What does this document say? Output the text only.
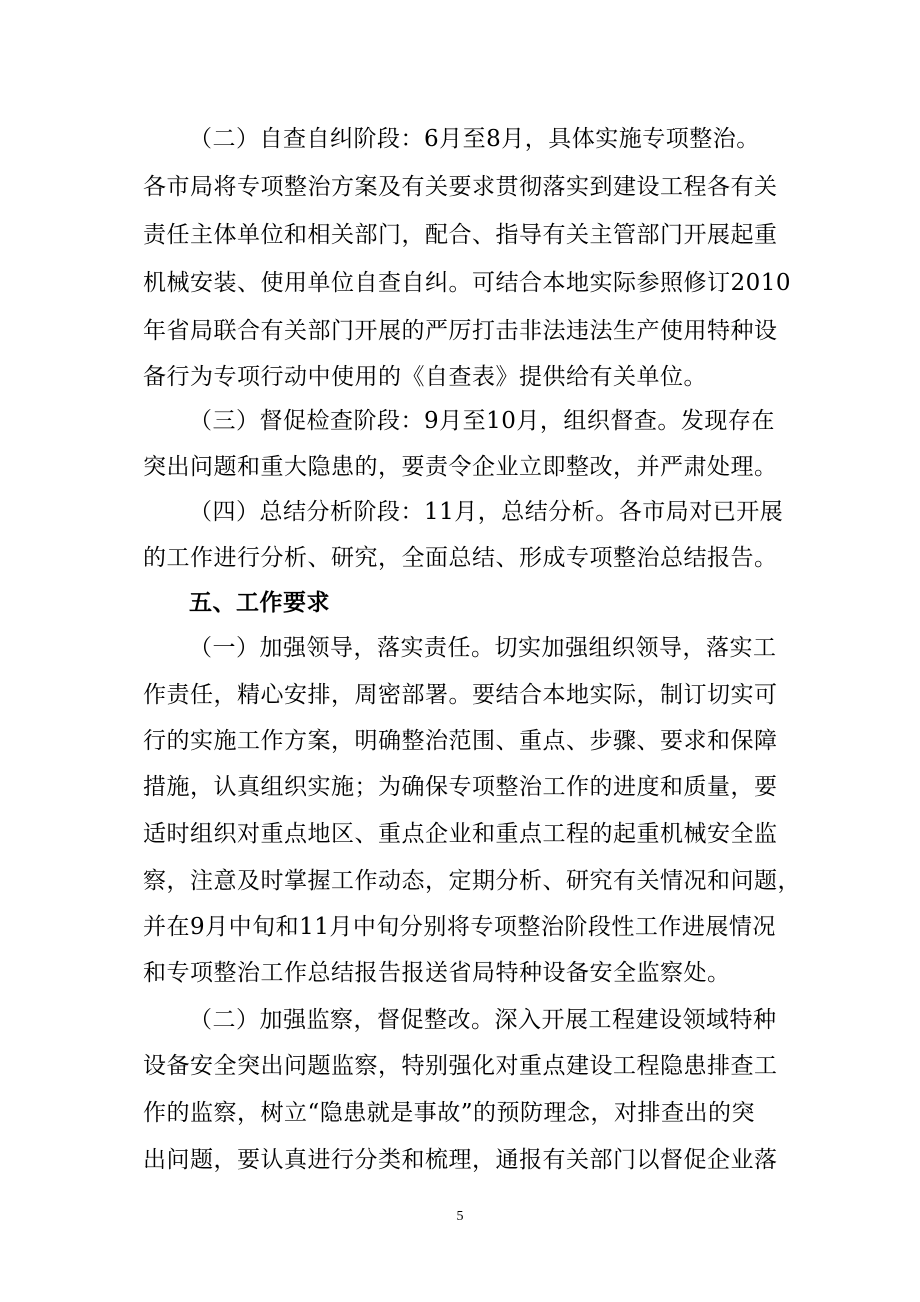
（二）自查自纠阶段：6月至8月，具体实施专项整治。
各市局将专项整治方案及有关要求贯彻落实到建设工程各有关
责任主体单位和相关部门，配合、指导有关主管部门开展起重
机械安装、使用单位自查自纠。可结合本地实际参照修订2010
年省局联合有关部门开展的严厉打击非法违法生产使用特种设
备行为专项行动中使用的《自查表》提供给有关单位。
（三）督促检查阶段：9月至10月，组织督查。发现存在
突出问题和重大隐患的，要责令企业立即整改，并严肃处理。
（四）总结分析阶段：11月，总结分析。各市局对已开展
的工作进行分析、研究，全面总结、形成专项整治总结报告。
五、工作要求
（一）加强领导，落实责任。切实加强组织领导，落实工
作责任，精心安排，周密部署。要结合本地实际，制订切实可
行的实施工作方案，明确整治范围、重点、步骤、要求和保障
措施，认真组织实施；为确保专项整治工作的进度和质量，要
适时组织对重点地区、重点企业和重点工程的起重机械安全监
察，注意及时掌握工作动态，定期分析、研究有关情况和问题，
并在9月中旬和11月中旬分别将专项整治阶段性工作进展情况
和专项整治工作总结报告报送省局特种设备安全监察处。
（二）加强监察，督促整改。深入开展工程建设领域特种
设备安全突出问题监察，特别强化对重点建设工程隐患排查工
作的监察，树立“隐患就是事故”的预防理念，对排查出的突
出问题，要认真进行分类和梳理，通报有关部门以督促企业落
5
